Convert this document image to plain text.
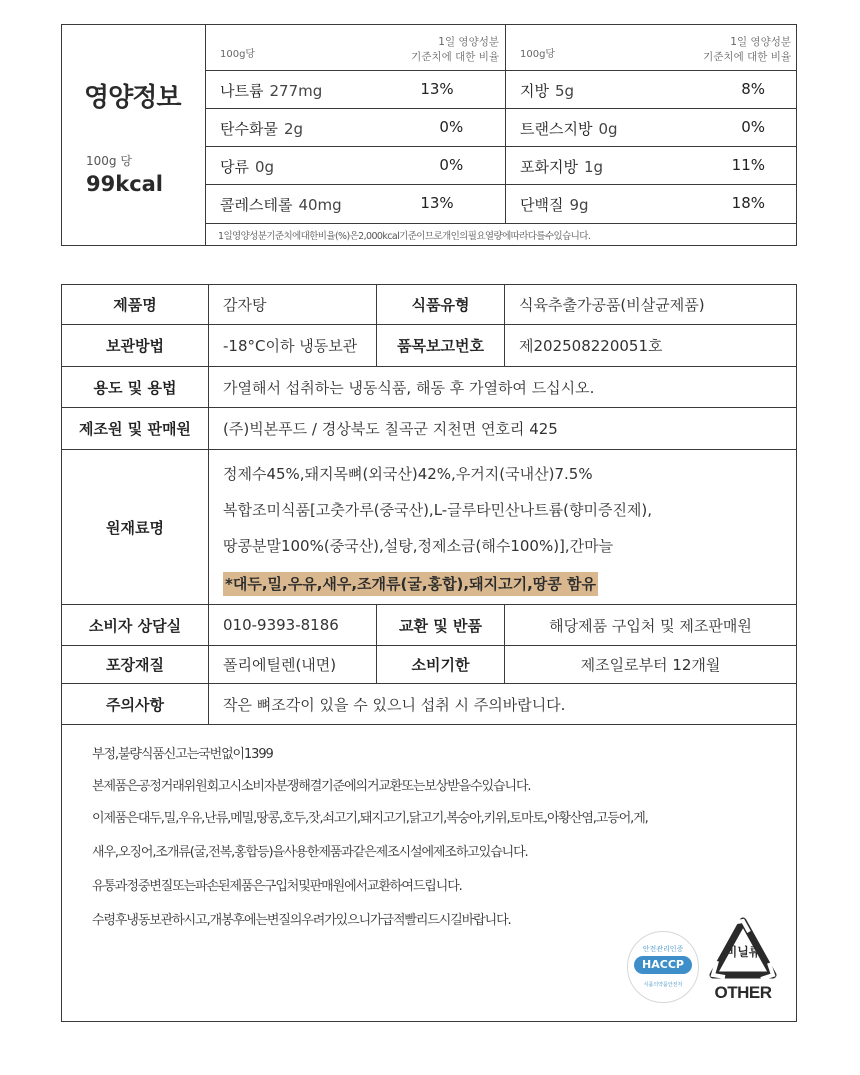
영양정보
100g 당
99kcal
100g당
1일 영양성분
기준치에 대한 비율
나트륨 277mg	13%
탄수화물 2g	0%
당류 0g	0%
콜레스테롤 40mg	13%
100g당
1일 영양성분
기준치에 대한 비율
지방 5g	8%
트랜스지방 0g	0%
포화지방 1g	11%
단백질 9g	18%
1일영양성분기준치에대한비율(%)은2,000kcal기준이므로개인의필요열량에따라다를수있습니다.
제품명	감자탕	식품유형	식육추출가공품(비살균제품)
보관방법	-18°C이하 냉동보관	품목보고번호	제202508220051호
용도 및 용법	가열해서 섭취하는 냉동식품, 해동 후 가열하여 드십시오.
제조원 및 판매원	(주)빅본푸드 / 경상북도 칠곡군 지천면 연호리 425
원재료명
정제수45%,돼지목뼈(외국산)42%,우거지(국내산)7.5%
복합조미식품[고춧가루(중국산),L-글루타민산나트륨(향미증진제),
땅콩분말100%(중국산),설탕,정제소금(해수100%)],간마늘
*대두,밀,우유,새우,조개류(굴,홍합),돼지고기,땅콩 함유
소비자 상담실	010-9393-8186	교환 및 반품	해당제품 구입처 및 제조판매원
포장재질	폴리에틸렌(내면)	소비기한	제조일로부터 12개월
주의사항	작은 뼈조각이 있을 수 있으니 섭취 시 주의바랍니다.
부정,불량식품신고는국번없이1399
본제품은공정거래위원회고시소비자분쟁해결기준에의거교환또는보상받을수있습니다.
이제품은대두,밀,우유,난류,메밀,땅콩,호두,잣,쇠고기,돼지고기,닭고기,복숭아,키위,토마토,아황산염,고등어,게,
새우,오징어,조개류(굴,전복,홍합등)을사용한제품과같은제조시설에제조하고있습니다.
유통과정중변질또는파손된제품은구입처및판매원에서교환하여드립니다.
수령후냉동보관하시고,개봉후에는변질의우려가있으니가급적빨리드시길바랍니다.
안전관리인증
HACCP
식품의약품안전처
비닐류
OTHER
